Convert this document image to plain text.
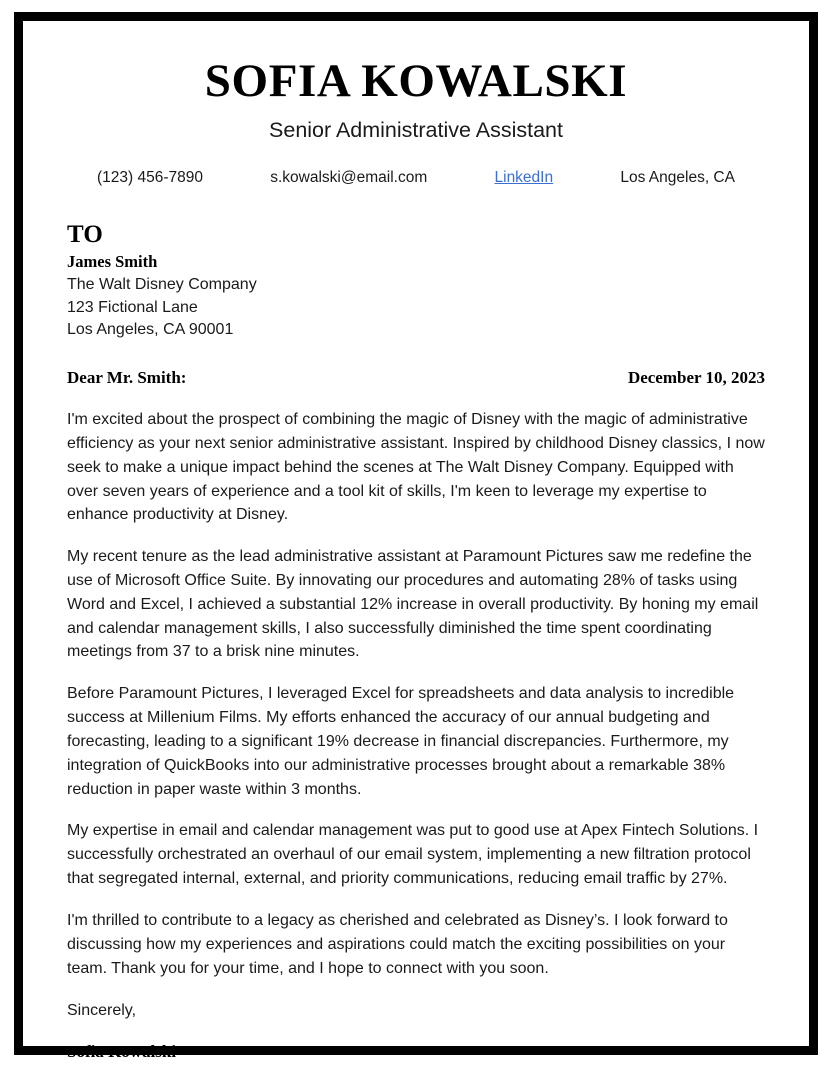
SOFIA KOWALSKI
Senior Administrative Assistant
(123) 456-7890	s.kowalski@email.com	LinkedIn	Los Angeles, CA
TO
James Smith
The Walt Disney Company
123 Fictional Lane
Los Angeles, CA 90001
Dear Mr. Smith:	December 10, 2023

I'm excited about the prospect of combining the magic of Disney with the magic of administrative efficiency as your next senior administrative assistant. Inspired by childhood Disney classics, I now seek to make a unique impact behind the scenes at The Walt Disney Company. Equipped with over seven years of experience and a tool kit of skills, I'm keen to leverage my expertise to enhance productivity at Disney.

My recent tenure as the lead administrative assistant at Paramount Pictures saw me redefine the use of Microsoft Office Suite. By innovating our procedures and automating 28% of tasks using Word and Excel, I achieved a substantial 12% increase in overall productivity. By honing my email and calendar management skills, I also successfully diminished the time spent coordinating meetings from 37 to a brisk nine minutes.

Before Paramount Pictures, I leveraged Excel for spreadsheets and data analysis to incredible success at Millenium Films. My efforts enhanced the accuracy of our annual budgeting and forecasting, leading to a significant 19% decrease in financial discrepancies. Furthermore, my integration of QuickBooks into our administrative processes brought about a remarkable 38% reduction in paper waste within 3 months.

My expertise in email and calendar management was put to good use at Apex Fintech Solutions. I successfully orchestrated an overhaul of our email system, implementing a new filtration protocol that segregated internal, external, and priority communications, reducing email traffic by 27%.

I'm thrilled to contribute to a legacy as cherished and celebrated as Disney’s. I look forward to discussing how my experiences and aspirations could match the exciting possibilities on your team. Thank you for your time, and I hope to connect with you soon.

Sincerely,
Sofia Kowalski
